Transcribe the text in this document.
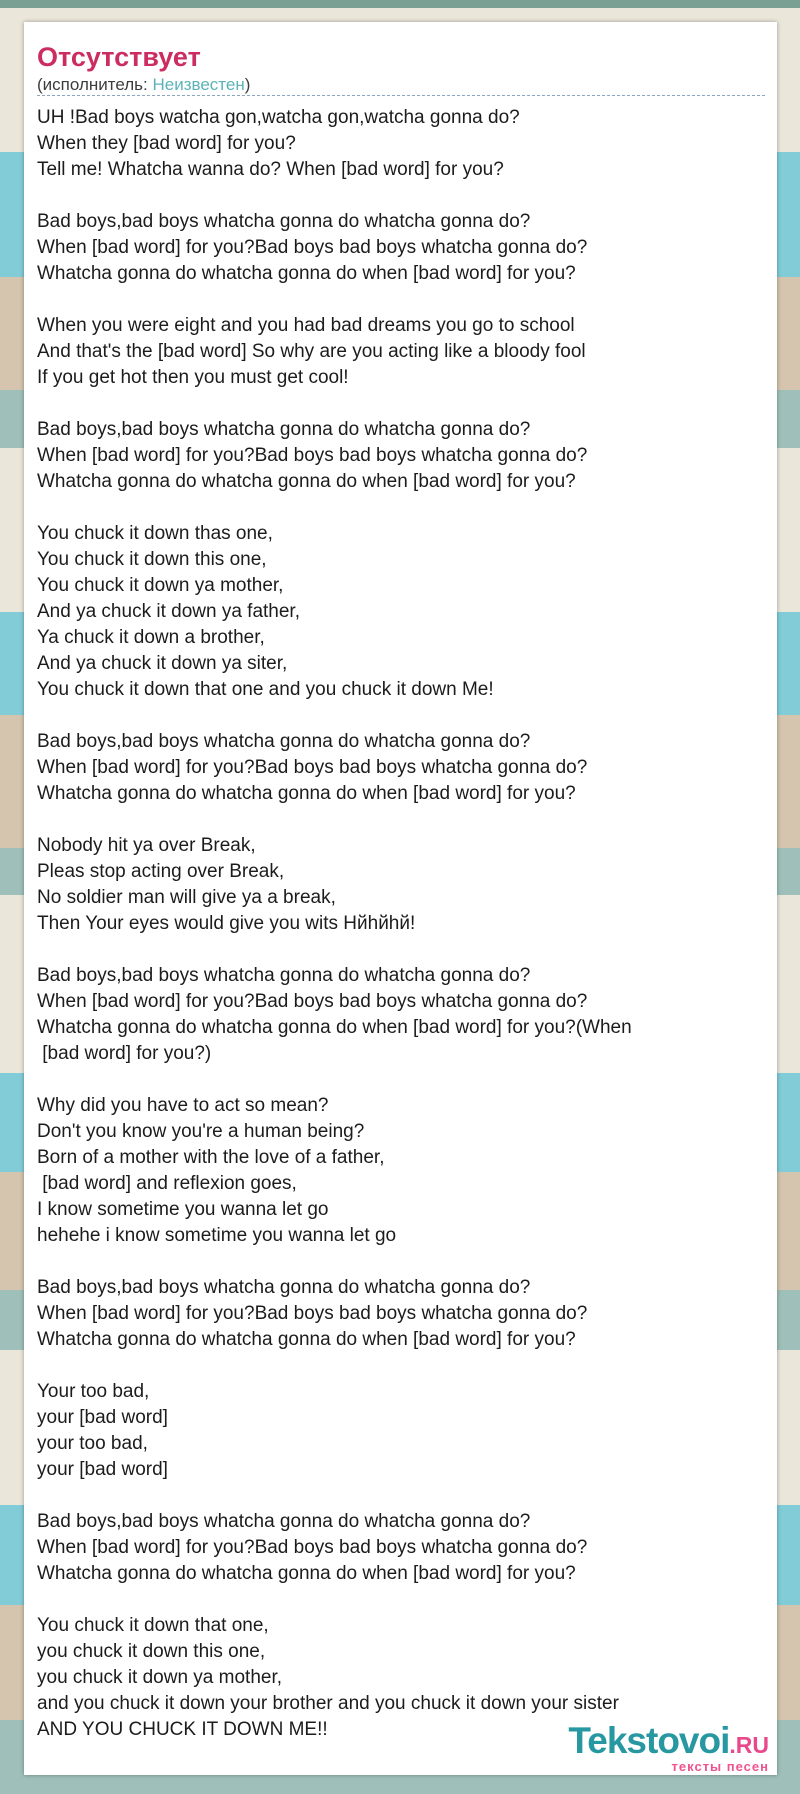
Отсутствует
(исполнитель: Неизвестен)

UH !Bad boys watcha gon,watcha gon,watcha gonna do?
When they [bad word] for you?
Tell me! Whatcha wanna do? When [bad word] for you?

Bad boys,bad boys whatcha gonna do whatcha gonna do?
When [bad word] for you?Bad boys bad boys whatcha gonna do?
Whatcha gonna do whatcha gonna do when [bad word] for you?

When you were eight and you had bad dreams you go to school
And that's the [bad word] So why are you acting like a bloody fool
If you get hot then you must get cool!

Bad boys,bad boys whatcha gonna do whatcha gonna do?
When [bad word] for you?Bad boys bad boys whatcha gonna do?
Whatcha gonna do whatcha gonna do when [bad word] for you?

You chuck it down thas one,
You chuck it down this one,
You chuck it down ya mother,
And ya chuck it down ya father,
Ya chuck it down a brother,
And ya chuck it down ya siter,
You chuck it down that one and you chuck it down Me!

Bad boys,bad boys whatcha gonna do whatcha gonna do?
When [bad word] for you?Bad boys bad boys whatcha gonna do?
Whatcha gonna do whatcha gonna do when [bad word] for you?

Nobody hit ya over Break,
Pleas stop acting over Break,
No soldier man will give ya a break,
Then Your eyes would give you wits Нйhйhй!

Bad boys,bad boys whatcha gonna do whatcha gonna do?
When [bad word] for you?Bad boys bad boys whatcha gonna do?
Whatcha gonna do whatcha gonna do when [bad word] for you?(When
[bad word] for you?)

Why did you have to act so mean?
Don't you know you're a human being?
Born of a mother with the love of a father,
[bad word] and reflexion goes,
I know sometime you wanna let go
hehehe i know sometime you wanna let go

Bad boys,bad boys whatcha gonna do whatcha gonna do?
When [bad word] for you?Bad boys bad boys whatcha gonna do?
Whatcha gonna do whatcha gonna do when [bad word] for you?

Your too bad,
your [bad word]
your too bad,
your [bad word]

Bad boys,bad boys whatcha gonna do whatcha gonna do?
When [bad word] for you?Bad boys bad boys whatcha gonna do?
Whatcha gonna do whatcha gonna do when [bad word] for you?

You chuck it down that one,
you chuck it down this one,
you chuck it down ya mother,
and you chuck it down your brother and you chuck it down your sister
AND YOU CHUCK IT DOWN ME!!	Tekstovoi.RU
тексты песен
